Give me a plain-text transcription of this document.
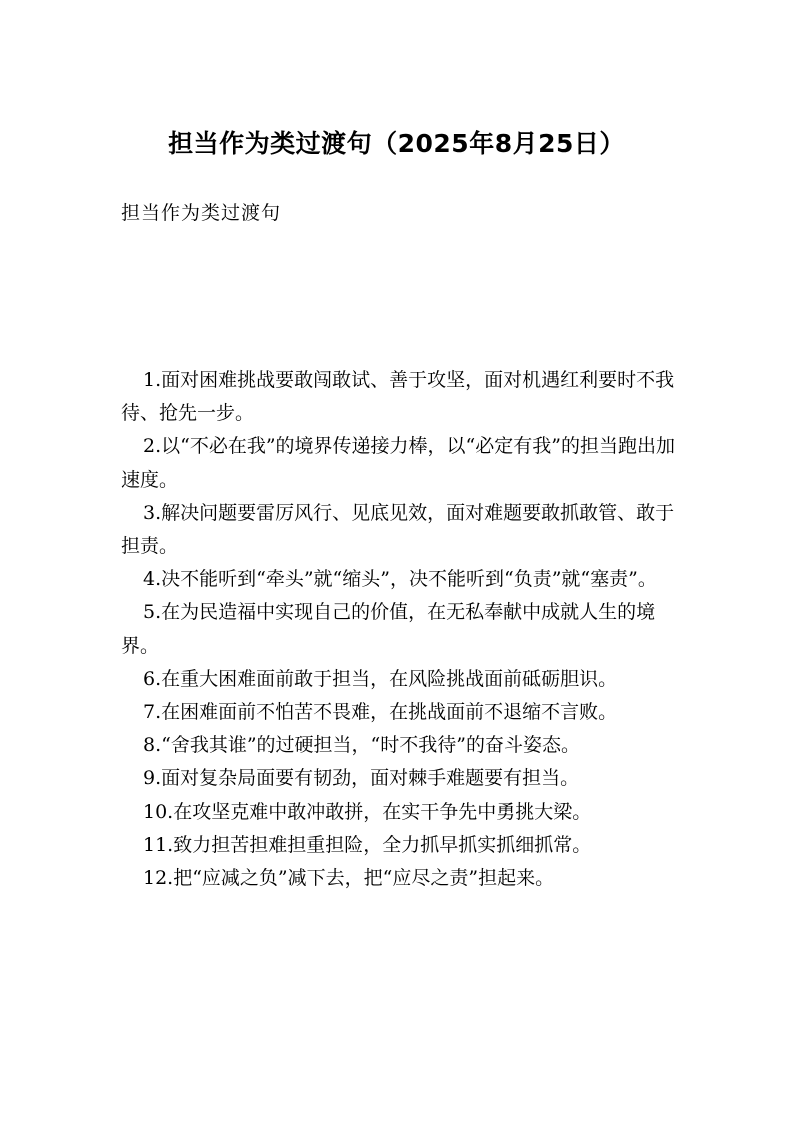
担当作为类过渡句（2025年8月25日）

担当作为类过渡句

1.面对困难挑战要敢闯敢试、善于攻坚，面对机遇红利要时不我待、抢先一步。
2.以“不必在我”的境界传递接力棒，以“必定有我”的担当跑出加速度。
3.解决问题要雷厉风行、见底见效，面对难题要敢抓敢管、敢于担责。
4.决不能听到“牵头”就“缩头”，决不能听到“负责”就“塞责”。
5.在为民造福中实现自己的价值，在无私奉献中成就人生的境界。
6.在重大困难面前敢于担当，在风险挑战面前砥砺胆识。
7.在困难面前不怕苦不畏难，在挑战面前不退缩不言败。
8.“舍我其谁”的过硬担当，“时不我待”的奋斗姿态。
9.面对复杂局面要有韧劲，面对棘手难题要有担当。
10.在攻坚克难中敢冲敢拼，在实干争先中勇挑大梁。
11.致力担苦担难担重担险，全力抓早抓实抓细抓常。
12.把“应减之负”减下去，把“应尽之责”担起来。
